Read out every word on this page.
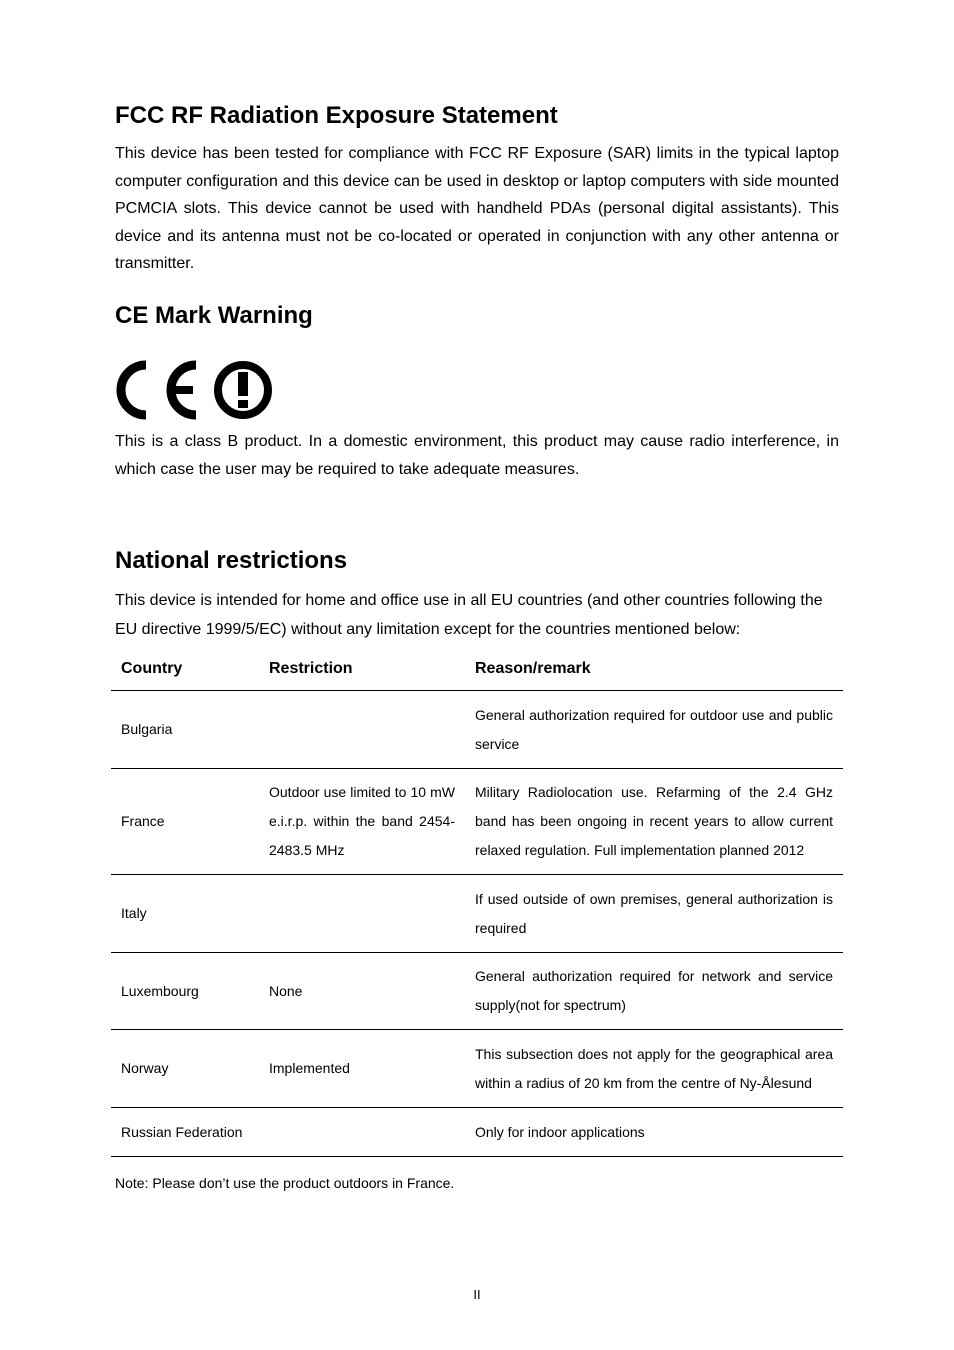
FCC RF Radiation Exposure Statement

This device has been tested for compliance with FCC RF Exposure (SAR) limits in the typical laptop computer configuration and this device can be used in desktop or laptop computers with side mounted PCMCIA slots. This device cannot be used with handheld PDAs (personal digital assistants). This device and its antenna must not be co-located or operated in conjunction with any other antenna or transmitter.

CE Mark Warning

This is a class B product. In a domestic environment, this product may cause radio interference, in which case the user may be required to take adequate measures.

National restrictions

This device is intended for home and office use in all EU countries (and other countries following the EU directive 1999/5/EC) without any limitation except for the countries mentioned below:

Country	Restriction	Reason/remark
Bulgaria		General authorization required for outdoor use and public service
France	Outdoor use limited to 10 mW e.i.r.p. within the band 2454-2483.5 MHz	Military Radiolocation use. Refarming of the 2.4 GHz band has been ongoing in recent years to allow current relaxed regulation. Full implementation planned 2012
Italy		If used outside of own premises, general authorization is required
Luxembourg	None	General authorization required for network and service supply(not for spectrum)
Norway	Implemented	This subsection does not apply for the geographical area within a radius of 20 km from the centre of Ny-Ålesund
Russian Federation		Only for indoor applications
Note: Please don’t use the product outdoors in France.
II
